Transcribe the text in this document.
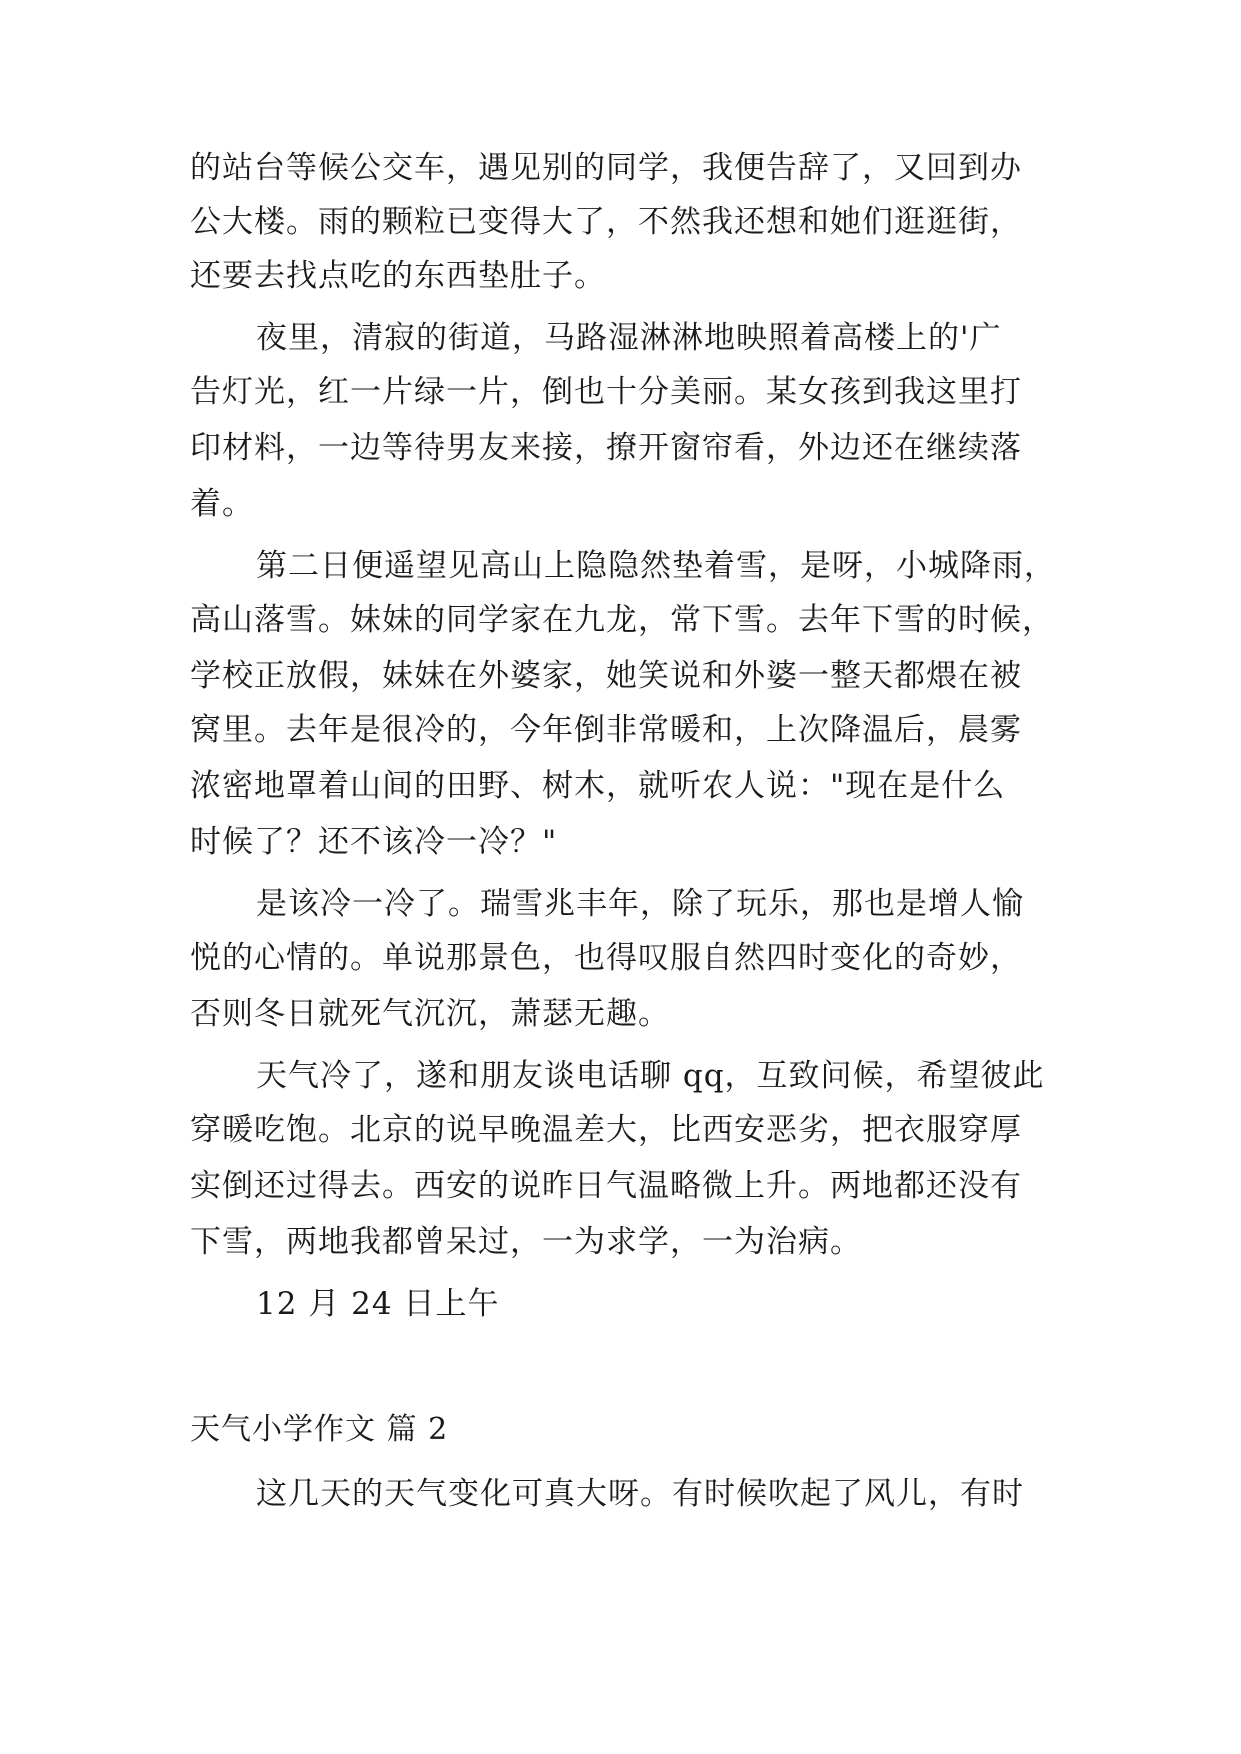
的站台等候公交车，遇见别的同学，我便告辞了，又回到办
公大楼。雨的颗粒已变得大了，不然我还想和她们逛逛街，
还要去找点吃的东西垫肚子。
夜里，清寂的街道，马路湿淋淋地映照着高楼上的'广
告灯光，红一片绿一片，倒也十分美丽。某女孩到我这里打
印材料，一边等待男友来接，撩开窗帘看，外边还在继续落
着。
第二日便遥望见高山上隐隐然垫着雪，是呀，小城降雨，
高山落雪。妹妹的同学家在九龙，常下雪。去年下雪的时候，
学校正放假，妹妹在外婆家，她笑说和外婆一整天都煨在被
窝里。去年是很冷的，今年倒非常暖和，上次降温后，晨雾
浓密地罩着山间的田野、树木，就听农人说："现在是什么
时候了？还不该冷一冷？"
是该冷一冷了。瑞雪兆丰年，除了玩乐，那也是增人愉
悦的心情的。单说那景色，也得叹服自然四时变化的奇妙，
否则冬日就死气沉沉，萧瑟无趣。
天气冷了，遂和朋友谈电话聊 qq，互致问候，希望彼此
穿暖吃饱。北京的说早晚温差大，比西安恶劣，把衣服穿厚
实倒还过得去。西安的说昨日气温略微上升。两地都还没有
下雪，两地我都曾呆过，一为求学，一为治病。
12 月 24 日上午
天气小学作文 篇 2
这几天的天气变化可真大呀。有时候吹起了风儿，有时
